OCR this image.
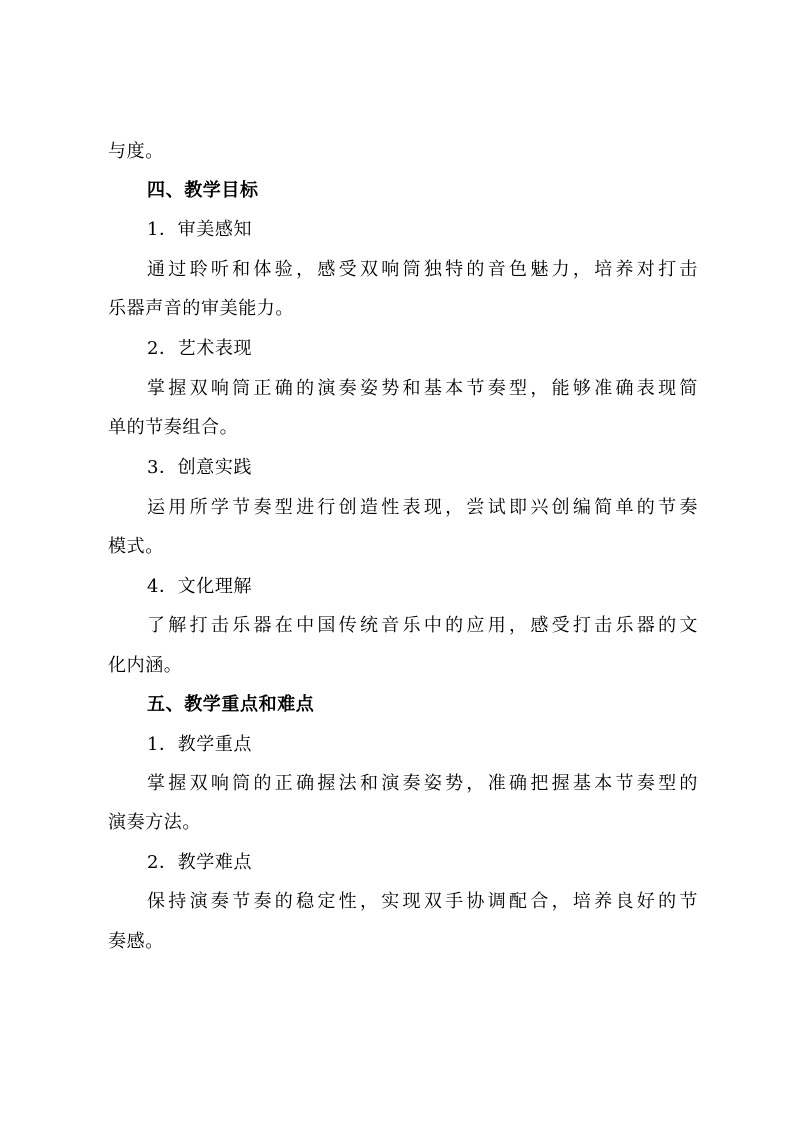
与度。
四、教学目标
1．审美感知
通过聆听和体验，感受双响筒独特的音色魅力，培养对打击
乐器声音的审美能力。
2．艺术表现
掌握双响筒正确的演奏姿势和基本节奏型，能够准确表现简
单的节奏组合。
3．创意实践
运用所学节奏型进行创造性表现，尝试即兴创编简单的节奏
模式。
4．文化理解
了解打击乐器在中国传统音乐中的应用，感受打击乐器的文
化内涵。
五、教学重点和难点
1．教学重点
掌握双响筒的正确握法和演奏姿势，准确把握基本节奏型的
演奏方法。
2．教学难点
保持演奏节奏的稳定性，实现双手协调配合，培养良好的节
奏感。
